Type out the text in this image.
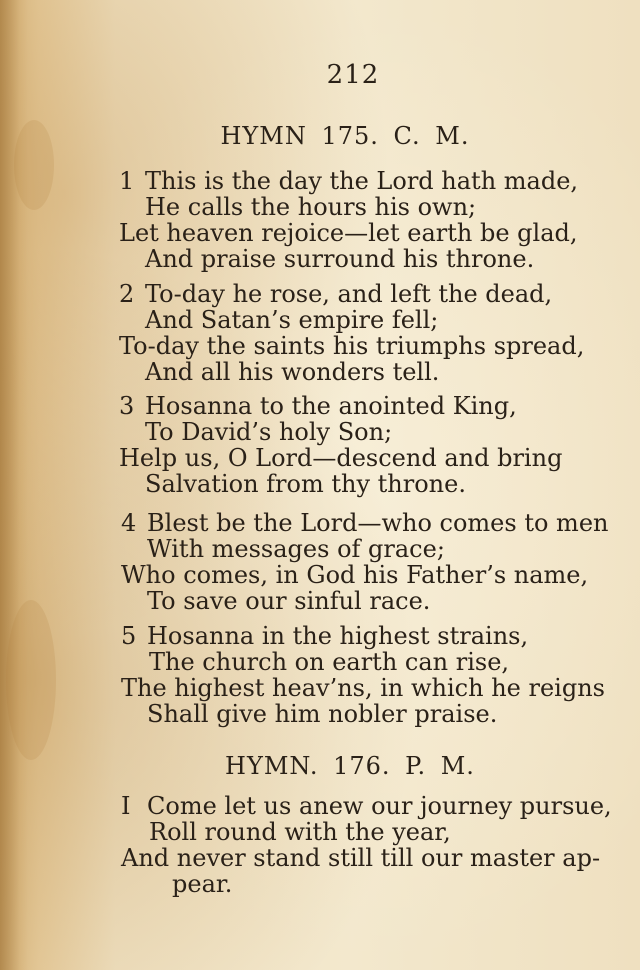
212
HYMN 175. C. M.
1 This is the day the Lord hath made,
He calls the hours his own;
Let heaven rejoice—let earth be glad,
And praise surround his throne.
2 To-day he rose, and left the dead,
And Satan’s empire fell;
To-day the saints his triumphs spread,
And all his wonders tell.
3 Hosanna to the anointed King,
To David’s holy Son;
Help us, O Lord—descend and bring
Salvation from thy throne.
4 Blest be the Lord—who comes to men
With messages of grace;
Who comes, in God his Father’s name,
To save our sinful race.
5 Hosanna in the highest strains,
The church on earth can rise,
The highest heav’ns, in which he reigns
Shall give him nobler praise.
HYMN. 176. P. M.
I Come let us anew our journey pursue,
Roll round with the year,
And never stand still till our master ap-
pear.
